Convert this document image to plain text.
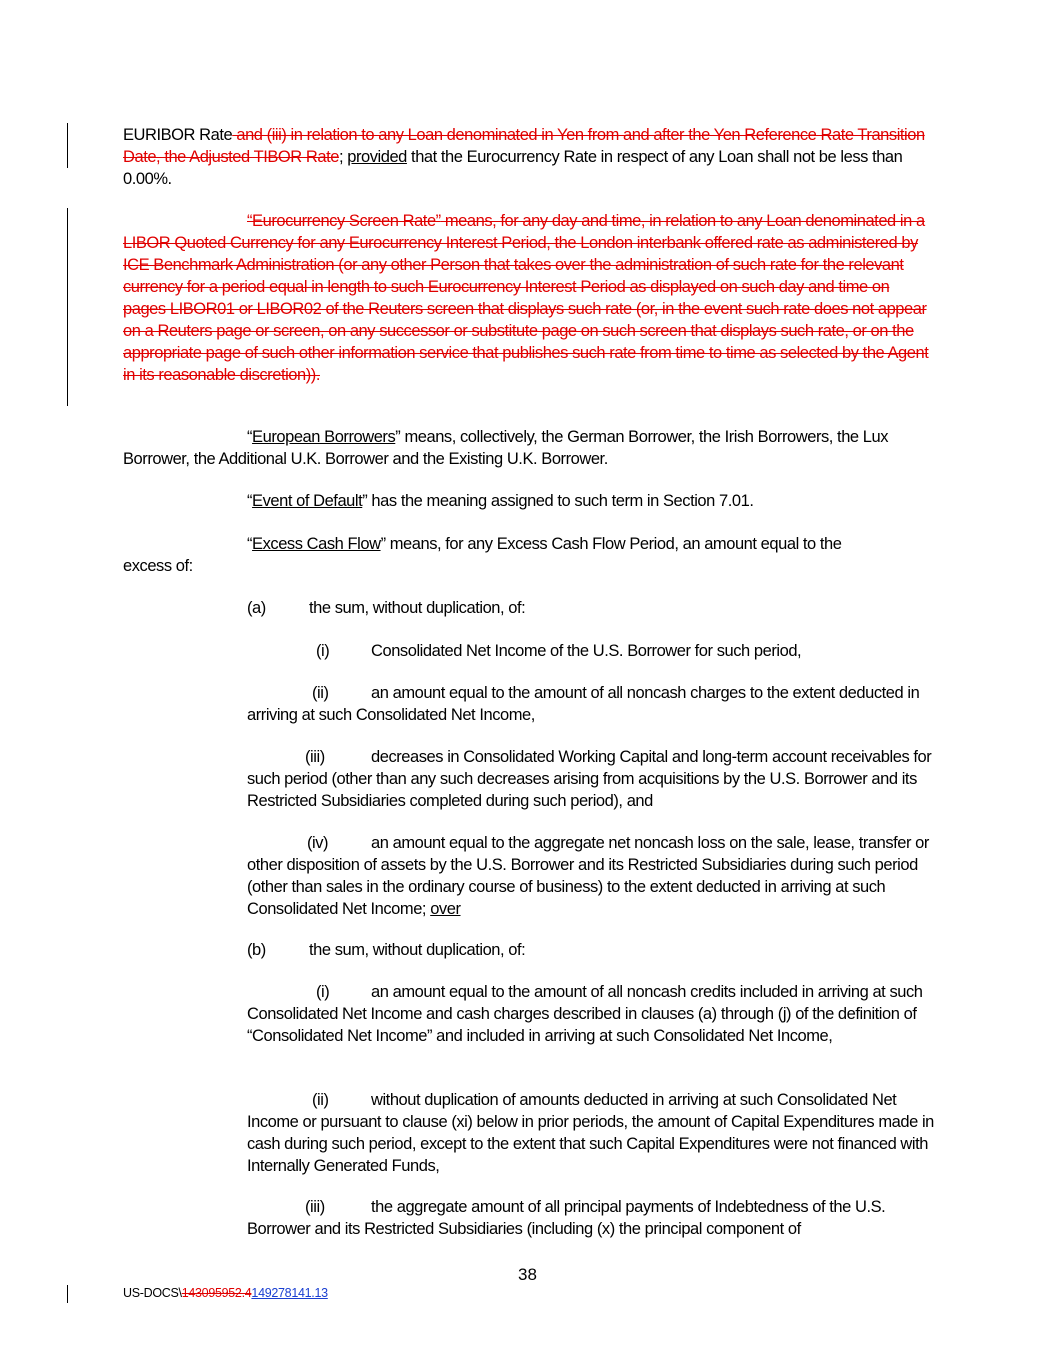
EURIBOR Rate and (iii) in relation to any Loan denominated in Yen from and after the Yen Reference Rate Transition Date, the Adjusted TIBOR Rate; provided that the Eurocurrency Rate in respect of any Loan shall not be less than 0.00%.

“Eurocurrency Screen Rate” means, for any day and time, in relation to any Loan denominated in a LIBOR Quoted Currency for any Eurocurrency Interest Period, the London interbank offered rate as administered by ICE Benchmark Administration (or any other Person that takes over the administration of such rate for the relevant currency for a period equal in length to such Eurocurrency Interest Period as displayed on such day and time on pages LIBOR01 or LIBOR02 of the Reuters screen that displays such rate (or, in the event such rate does not appear on a Reuters page or screen, on any successor or substitute page on such screen that displays such rate, or on the appropriate page of such other information service that publishes such rate from time to time as selected by the Agent in its reasonable discretion)).

“European Borrowers” means, collectively, the German Borrower, the Irish Borrowers, the Lux Borrower, the Additional U.K. Borrower and the Existing U.K. Borrower.

“Event of Default” has the meaning assigned to such term in Section 7.01.

“Excess Cash Flow” means, for any Excess Cash Flow Period, an amount equal to the

excess of:

(a)	the sum, without duplication, of:

(i)	Consolidated Net Income of the U.S. Borrower for such period,

(ii)	an amount equal to the amount of all noncash charges to the extent deducted in arriving at such Consolidated Net Income,

(iii)	decreases in Consolidated Working Capital and long-term account receivables for such period (other than any such decreases arising from acquisitions by the U.S. Borrower and its Restricted Subsidiaries completed during such period), and

(iv)	an amount equal to the aggregate net noncash loss on the sale, lease, transfer or other disposition of assets by the U.S. Borrower and its Restricted Subsidiaries during such period (other than sales in the ordinary course of business) to the extent deducted in arriving at such Consolidated Net Income; over

(b)	the sum, without duplication, of:

(i)	an amount equal to the amount of all noncash credits included in arriving at such Consolidated Net Income and cash charges described in clauses (a) through (j) of the definition of “Consolidated Net Income” and included in arriving at such Consolidated Net Income,

(ii)	without duplication of amounts deducted in arriving at such Consolidated Net Income or pursuant to clause (xi) below in prior periods, the amount of Capital Expenditures made in cash during such period, except to the extent that such Capital Expenditures were not financed with Internally Generated Funds,

(iii)	the aggregate amount of all principal payments of Indebtedness of the U.S. Borrower and its Restricted Subsidiaries (including (x) the principal component of

38
US-DOCS\143095952.4149278141.13
